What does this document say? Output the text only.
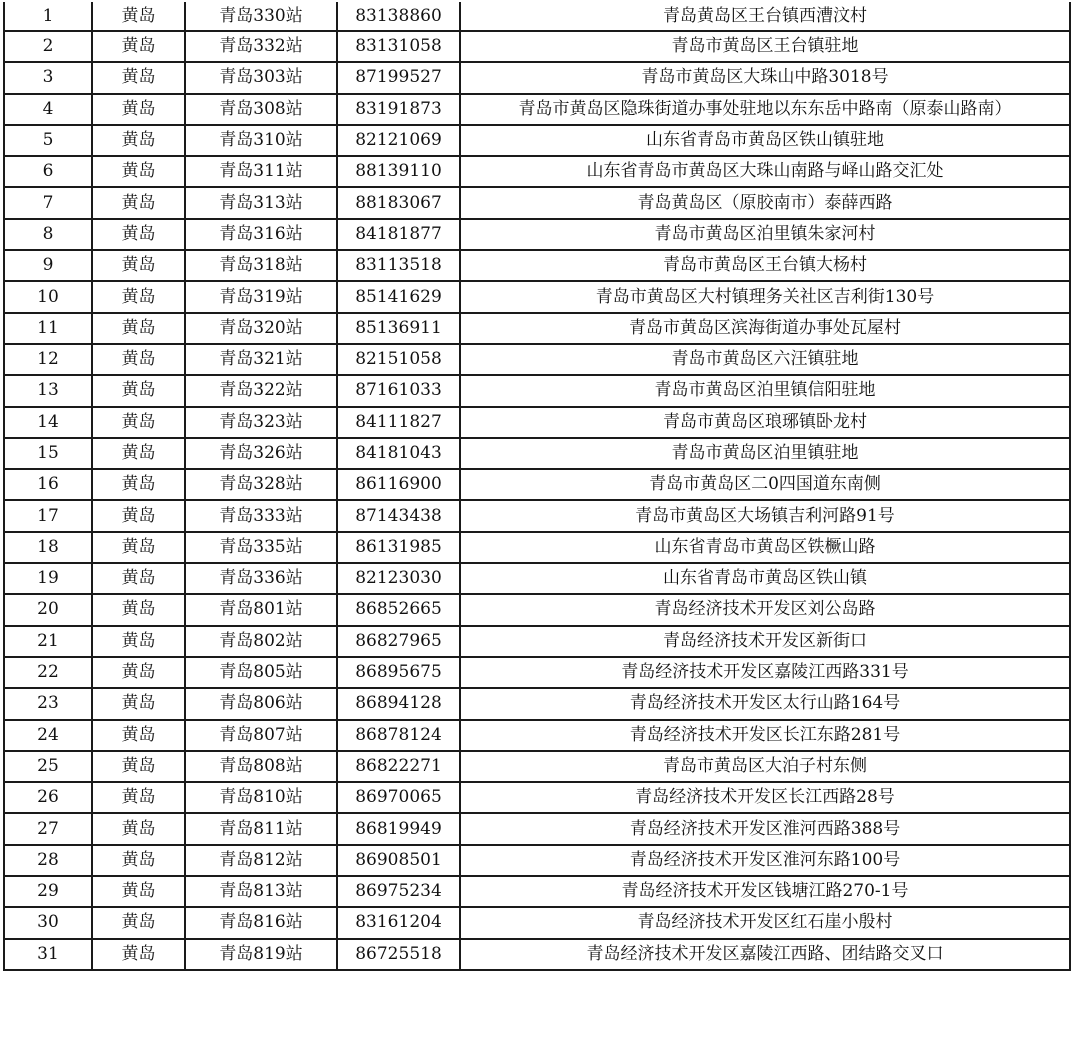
1	黄岛	青岛330站	83138860	青岛黄岛区王台镇西漕汶村
2	黄岛	青岛332站	83131058	青岛市黄岛区王台镇驻地
3	黄岛	青岛303站	87199527	青岛市黄岛区大珠山中路3018号
4	黄岛	青岛308站	83191873	青岛市黄岛区隐珠街道办事处驻地以东东岳中路南（原泰山路南）
5	黄岛	青岛310站	82121069	山东省青岛市黄岛区铁山镇驻地
6	黄岛	青岛311站	88139110	山东省青岛市黄岛区大珠山南路与峄山路交汇处
7	黄岛	青岛313站	88183067	青岛黄岛区（原胶南市）泰薛西路
8	黄岛	青岛316站	84181877	青岛市黄岛区泊里镇朱家河村
9	黄岛	青岛318站	83113518	青岛市黄岛区王台镇大杨村
10	黄岛	青岛319站	85141629	青岛市黄岛区大村镇理务关社区吉利街130号
11	黄岛	青岛320站	85136911	青岛市黄岛区滨海街道办事处瓦屋村
12	黄岛	青岛321站	82151058	青岛市黄岛区六汪镇驻地
13	黄岛	青岛322站	87161033	青岛市黄岛区泊里镇信阳驻地
14	黄岛	青岛323站	84111827	青岛市黄岛区琅琊镇卧龙村
15	黄岛	青岛326站	84181043	青岛市黄岛区泊里镇驻地
16	黄岛	青岛328站	86116900	青岛市黄岛区二0四国道东南侧
17	黄岛	青岛333站	87143438	青岛市黄岛区大场镇吉利河路91号
18	黄岛	青岛335站	86131985	山东省青岛市黄岛区铁橛山路
19	黄岛	青岛336站	82123030	山东省青岛市黄岛区铁山镇
20	黄岛	青岛801站	86852665	青岛经济技术开发区刘公岛路
21	黄岛	青岛802站	86827965	青岛经济技术开发区新街口
22	黄岛	青岛805站	86895675	青岛经济技术开发区嘉陵江西路331号
23	黄岛	青岛806站	86894128	青岛经济技术开发区太行山路164号
24	黄岛	青岛807站	86878124	青岛经济技术开发区长江东路281号
25	黄岛	青岛808站	86822271	青岛市黄岛区大泊子村东侧
26	黄岛	青岛810站	86970065	青岛经济技术开发区长江西路28号
27	黄岛	青岛811站	86819949	青岛经济技术开发区淮河西路388号
28	黄岛	青岛812站	86908501	青岛经济技术开发区淮河东路100号
29	黄岛	青岛813站	86975234	青岛经济技术开发区钱塘江路270-1号
30	黄岛	青岛816站	83161204	青岛经济技术开发区红石崖小殷村
31	黄岛	青岛819站	86725518	青岛经济技术开发区嘉陵江西路、团结路交叉口
